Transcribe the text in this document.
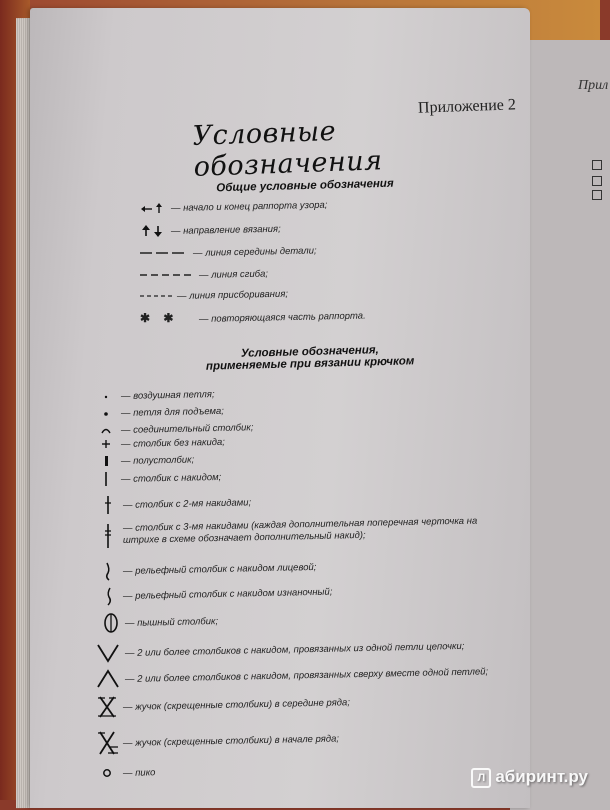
Прил
Приложение 2
Условные обозначения
Общие условные обозначения
— начало и конец раппорта узора;
— направление вязания;
— линия середины детали;
— линия сгиба;
— линия присборивания;
✱    ✱	— повторяющаяся часть раппорта.
Условные обозначения,
применяемые при вязании крючком
— воздушная петля;
— петля для подъема;
— соединительный столбик;
— столбик без накида;
— полустолбик;
— столбик с накидом;
— столбик с 2-мя накидами;

— столбик с 3-мя накидами (каждая дополнительная поперечная черточка на
штрихе в схеме обозначает дополнительный накид);
— рельефный столбик с накидом лицевой;
— рельефный столбик с накидом изнаночный;
— пышный столбик;
— 2 или более столбиков с накидом, провязанных из одной петли цепочки;
— 2 или более столбиков с накидом, провязанных сверху вместе одной петлей;
— жучок (скрещенные столбики) в середине ряда;
— жучок (скрещенные столбики) в начале ряда;
— пико	Л абиринт.ру
